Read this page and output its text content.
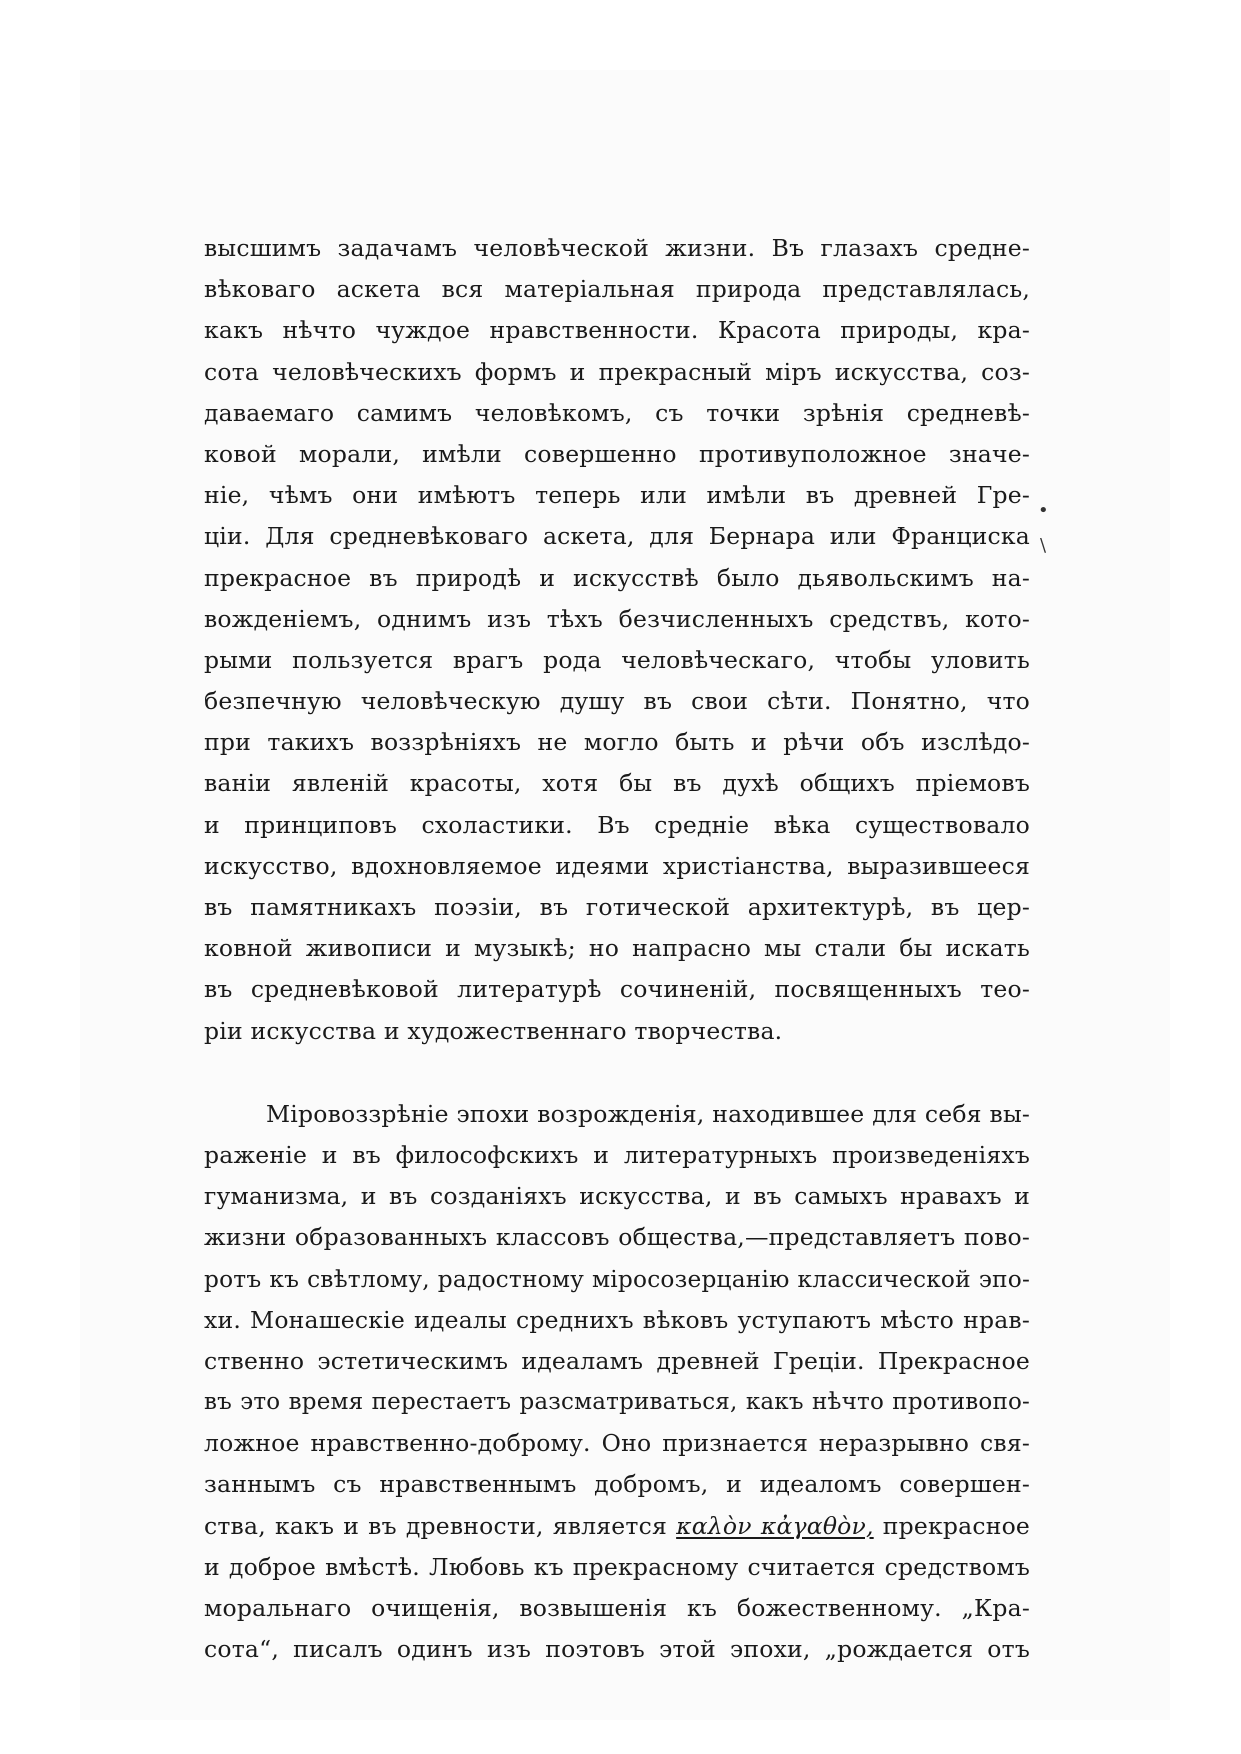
высшимъ задачамъ человѣческой жизни. Въ глазахъ средне-

вѣковаго аскета вся матеріальная природа представлялась,

какъ нѣчто чуждое нравственности. Красота природы, кра-

сота человѣческихъ формъ и прекрасный міръ искусства, соз-

даваемаго самимъ человѣкомъ, съ точки зрѣнія средневѣ-

ковой морали, имѣли совершенно противуположное значе-

ніе, чѣмъ они имѣютъ теперь или имѣли въ древней Гре-

ціи. Для средневѣковаго аскета, для Бернара или Франциска

прекрасное въ природѣ и искусствѣ было дьявольскимъ на-

вожденіемъ, однимъ изъ тѣхъ безчисленныхъ средствъ, кото-

рыми пользуется врагъ рода человѣческаго, чтобы уловить

безпечную человѣческую душу въ свои сѣти. Понятно, что

при такихъ воззрѣніяхъ не могло быть и рѣчи объ изслѣдо-

ваніи явленій красоты, хотя бы въ духѣ общихъ пріемовъ

и принциповъ схоластики. Въ средніе вѣка существовало

искусство, вдохновляемое идеями христіанства, выразившееся

въ памятникахъ поэзіи, въ готической архитектурѣ, въ цер-

ковной живописи и музыкѣ; но напрасно мы стали бы искать

въ средневѣковой литературѣ сочиненій, посвященныхъ тео-

ріи искусства и художественнаго творчества.

Міровоззрѣніе эпохи возрожденія, находившее для себя вы-

раженіе и въ философскихъ и литературныхъ произведеніяхъ

гуманизма, и въ созданіяхъ искусства, и въ самыхъ нравахъ и

жизни образованныхъ классовъ общества,—представляетъ пово-

ротъ къ свѣтлому, радостному міросозерцанію классической эпо-

хи. Монашескіе идеалы среднихъ вѣковъ уступаютъ мѣсто нрав-

ственно эстетическимъ идеаламъ древней Греціи. Прекрасное

въ это время перестаетъ разсматриваться, какъ нѣчто противопо-

ложное нравственно-доброму. Оно признается неразрывно свя-

заннымъ съ нравственнымъ добромъ, и идеаломъ совершен-

ства, какъ и въ древности, является καλὸν κἀγαθὸν, прекрасное

и доброе вмѣстѣ. Любовь къ прекрасному считается средствомъ

моральнаго очищенія, возвышенія къ божественному. „Кра-

сота“, писалъ одинъ изъ поэтовъ этой эпохи, „рождается отъ

•
\
